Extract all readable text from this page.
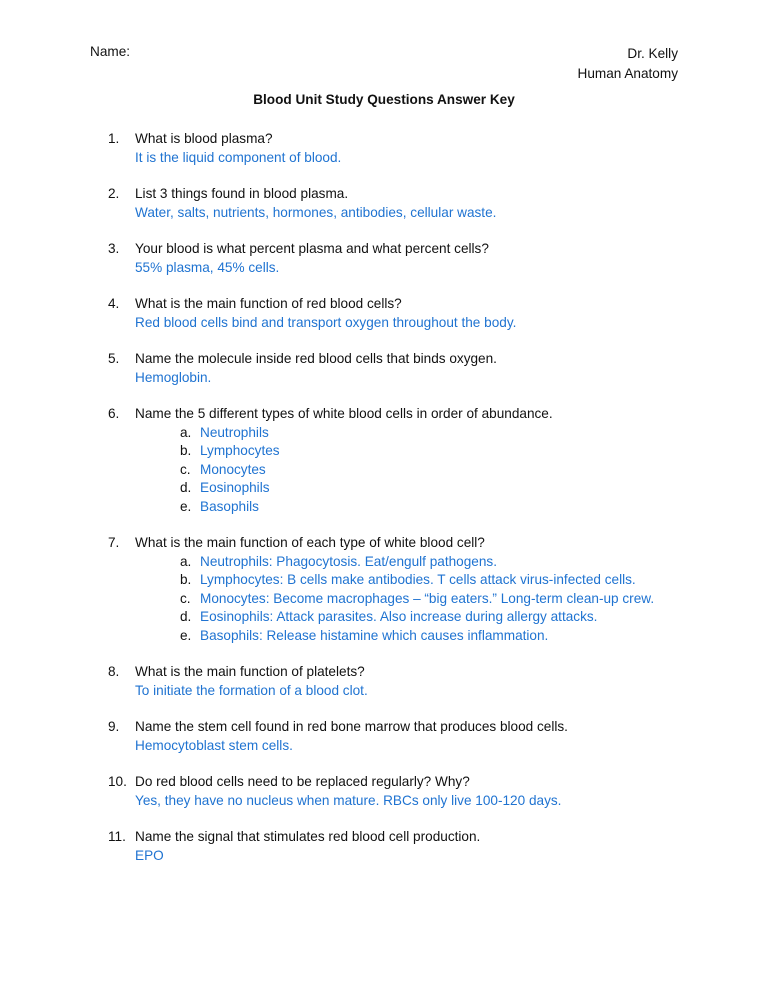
Name:	Dr. Kelly
Human Anatomy
Blood Unit Study Questions Answer Key
1. What is blood plasma?
It is the liquid component of blood.
2. List 3 things found in blood plasma.
Water, salts, nutrients, hormones, antibodies, cellular waste.
3. Your blood is what percent plasma and what percent cells?
55% plasma, 45% cells.
4. What is the main function of red blood cells?
Red blood cells bind and transport oxygen throughout the body.
5. Name the molecule inside red blood cells that binds oxygen.
Hemoglobin.
6. Name the 5 different types of white blood cells in order of abundance.
a. Neutrophils
b. Lymphocytes
c. Monocytes
d. Eosinophils
e. Basophils
7. What is the main function of each type of white blood cell?
a. Neutrophils: Phagocytosis. Eat/engulf pathogens.
b. Lymphocytes: B cells make antibodies. T cells attack virus-infected cells.
c. Monocytes: Become macrophages – “big eaters.” Long-term clean-up crew.
d. Eosinophils: Attack parasites. Also increase during allergy attacks.
e. Basophils: Release histamine which causes inflammation.
8. What is the main function of platelets?
To initiate the formation of a blood clot.
9. Name the stem cell found in red bone marrow that produces blood cells.
Hemocytoblast stem cells.
10. Do red blood cells need to be replaced regularly? Why?
Yes, they have no nucleus when mature. RBCs only live 100-120 days.
11. Name the signal that stimulates red blood cell production.
EPO
